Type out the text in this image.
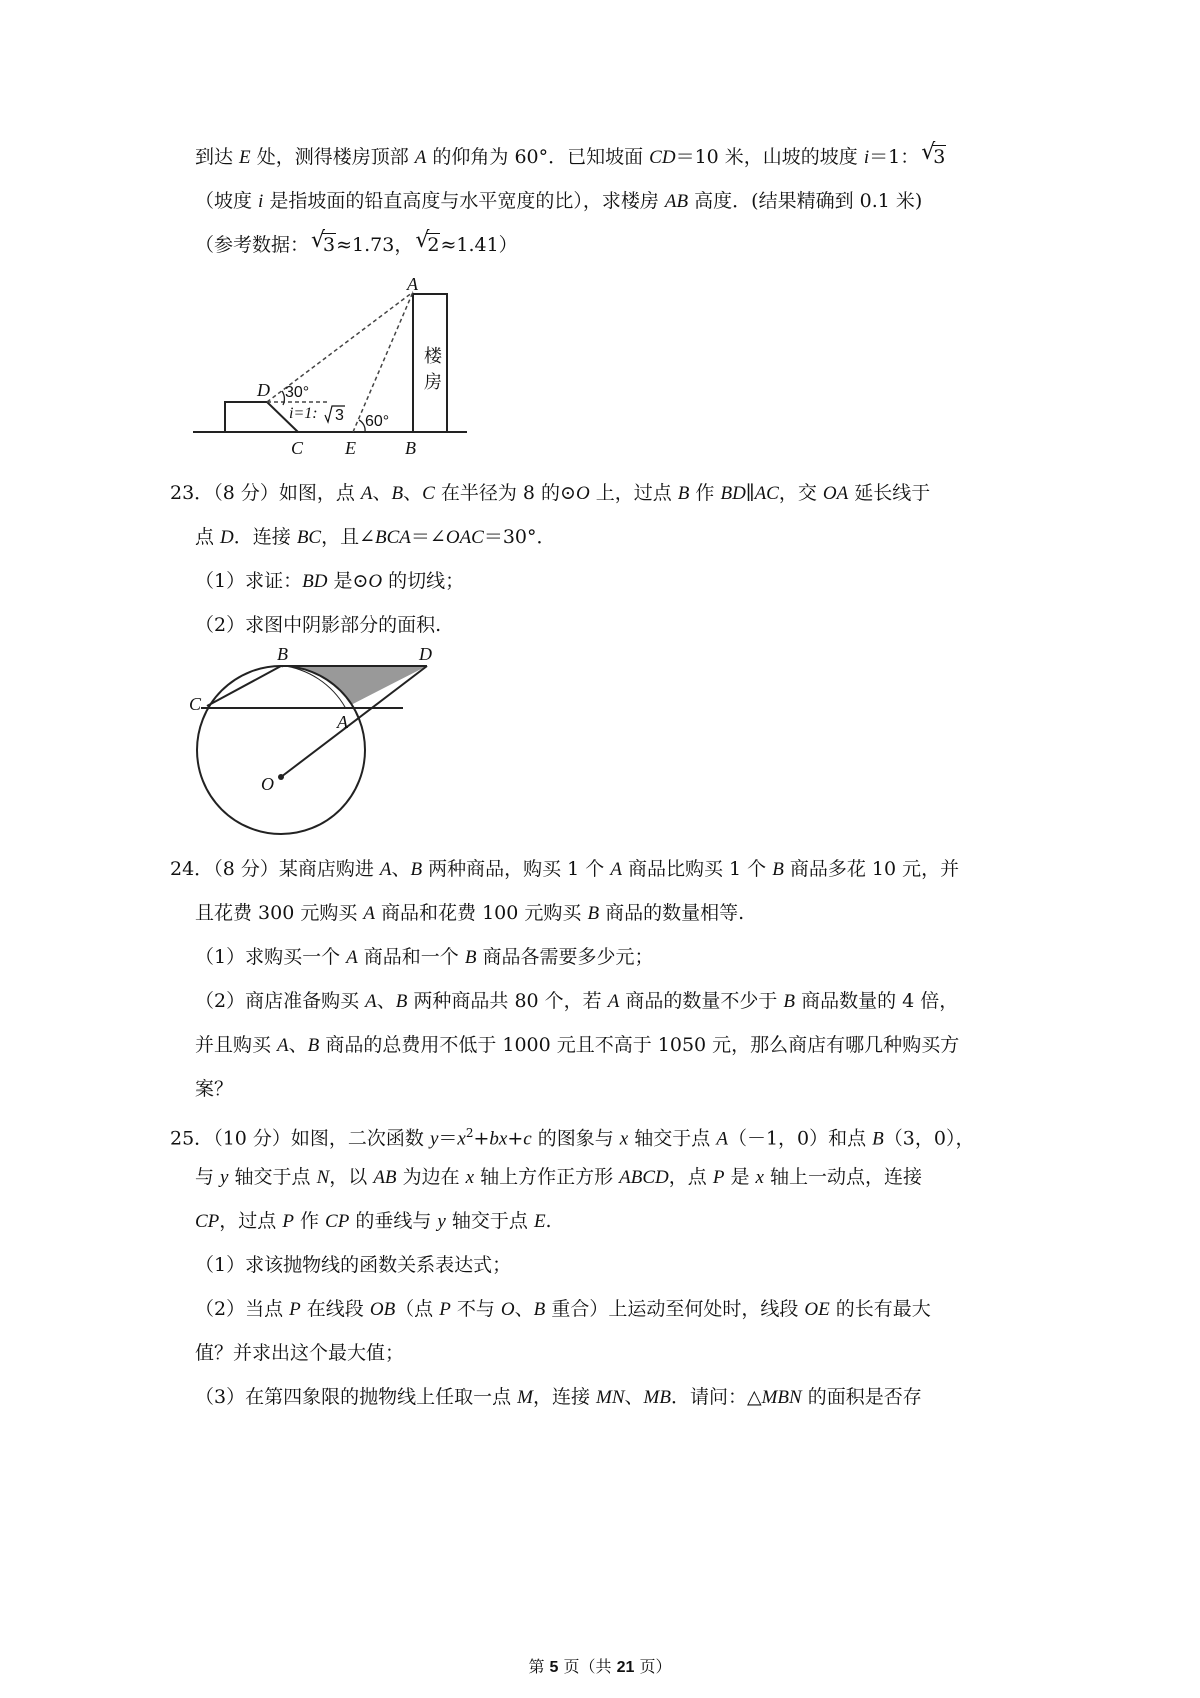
到达 E 处，测得楼房顶部 A 的仰角为 60°．已知坡面 CD＝10 米，山坡的坡度 i＝1： √
3
（坡度 i 是指坡面的铅直高度与水平宽度的比），求楼房 AB 高度．(结果精确到 0.1 米)
（参考数据： √
3≈1.73， √
2≈1.41）
A
D
C E	B
i=1:
30°
60°
3
楼
房
23．（8 分）如图，点 A、B、C 在半径为 8 的⊙O 上，过点 B 作 BD∥AC，交 OA 延长线于
点 D．连接 BC，且∠BCA＝∠OAC＝30°．
（1）求证：BD 是⊙O 的切线；
（2）求图中阴影部分的面积.
B	D
C
A
O
24．（8 分）某商店购进 A、B 两种商品，购买 1 个 A 商品比购买 1 个 B 商品多花 10 元，并
且花费 300 元购买 A 商品和花费 100 元购买 B 商品的数量相等.
（1）求购买一个 A 商品和一个 B 商品各需要多少元；
（2）商店准备购买 A、B 两种商品共 80 个，若 A 商品的数量不少于 B 商品数量的 4 倍，
并且购买 A、B 商品的总费用不低于 1000 元且不高于 1050 元，那么商店有哪几种购买方
案？
25．（10 分）如图，二次函数 $y=x^2+bx+c$ 的图象与 x 轴交于点 A（－1，0）和点 B（3，0），
与 y 轴交于点 N，以 AB 为边在 x 轴上方作正方形 ABCD，点 P 是 x 轴上一动点，连接
CP，过点 P 作 CP 的垂线与 y 轴交于点 E.
（1）求该抛物线的函数关系表达式；
（2）当点 P 在线段 OB（点 P 不与 O、B 重合）上运动至何处时，线段 OE 的长有最大
值？并求出这个最大值；
（3）在第四象限的抛物线上任取一点 M，连接 MN、MB．请问：△MBN 的面积是否存
第 5 页（共 21 页）
